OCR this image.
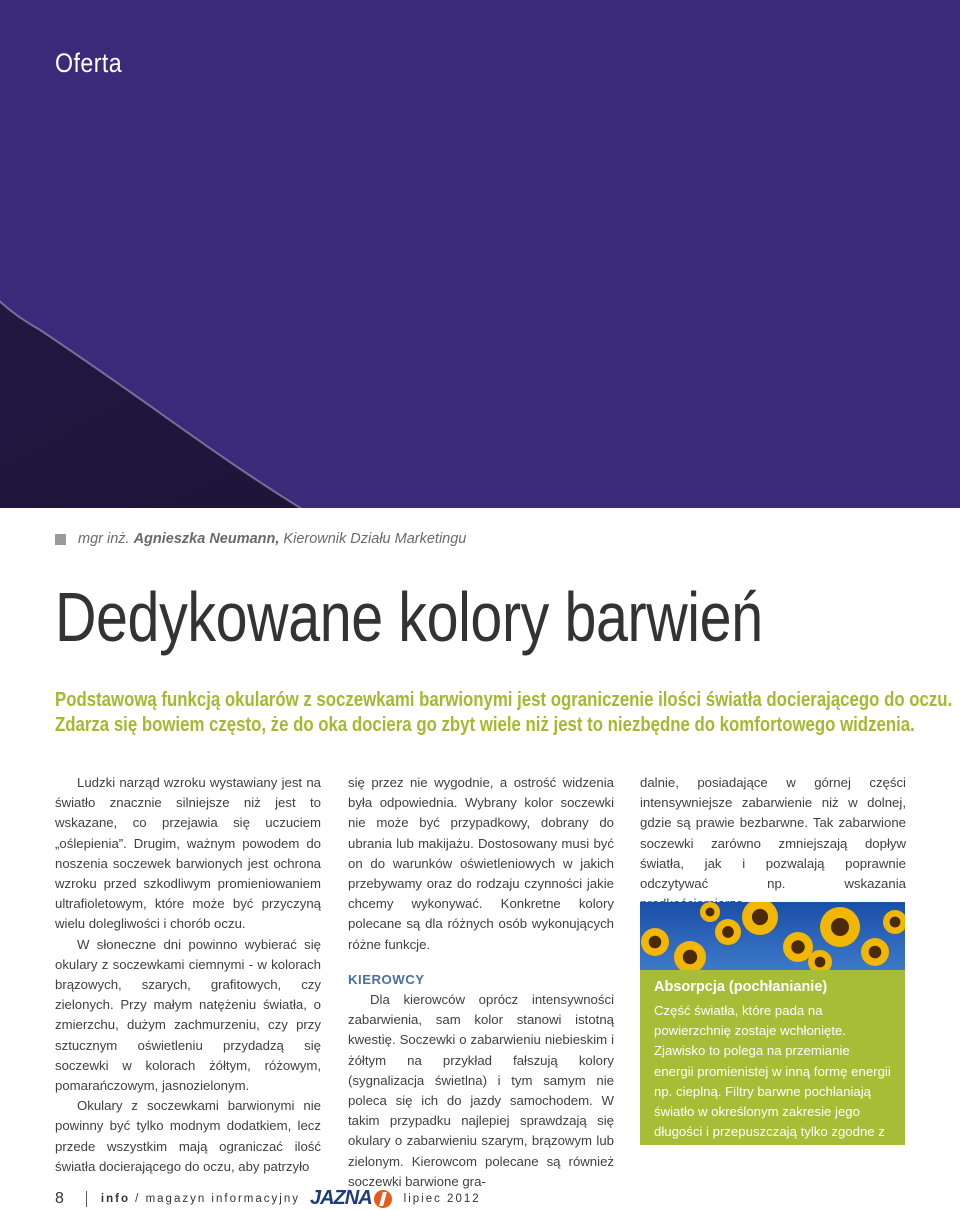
Oferta
mgr inż. Agnieszka Neumann, Kierownik Działu Marketingu
Dedykowane kolory barwień

Podstawową funkcją okularów z soczewkami barwionymi jest ograniczenie ilości światła docierającego do oczu.

Zdarza się bowiem często, że do oka dociera go zbyt wiele niż jest to niezbędne do komfortowego widzenia.

Ludzki narząd wzroku wystawiany jest na światło znacznie silniejsze niż jest to wskazane, co przejawia się uczuciem „oślepienia”. Drugim, ważnym powodem do noszenia soczewek barwionych jest ochrona wzroku przed szkodliwym promieniowaniem ultrafioletowym, które może być przyczyną wielu dolegliwości i chorób oczu.

W słoneczne dni powinno wybierać się okulary z soczewkami ciemnymi - w kolorach brązowych, szarych, grafitowych, czy zielonych. Przy małym natężeniu światła, o zmierzchu, dużym zachmurzeniu, czy przy sztucznym oświetleniu przydadzą się soczewki w kolorach żółtym, różowym, pomarańczowym, jasnozielonym.

Okulary z soczewkami barwionymi nie powinny być tylko modnym dodatkiem, lecz przede wszystkim mają ograniczać ilość światła docierającego do oczu, aby patrzyło

się przez nie wygodnie, a ostrość widzenia była odpowiednia. Wybrany kolor soczewki nie może być przypadkowy, dobrany do ubrania lub makijażu. Dostosowany musi być on do warunków oświetleniowych w jakich przebywamy oraz do rodzaju czynności jakie chcemy wykonywać. Konkretne kolory polecane są dla różnych osób wykonujących różne funkcje.

KIEROWCY

Dla kierowców oprócz intensywności zabarwienia, sam kolor stanowi istotną kwestię. Soczewki o zabarwieniu niebieskim i żółtym na przykład fałszują kolory (sygnalizacja świetlna) i tym samym nie poleca się ich do jazdy samochodem. W takim przypadku najlepiej sprawdzają się okulary o zabarwieniu szarym, brązowym lub zielonym. Kierowcom polecane są również soczewki barwione gra-

dalnie, posiadające w górnej części intensywniejsze zabarwienie niż w dolnej, gdzie są prawie bezbarwne. Tak zabarwione soczewki zarówno zmniejszają dopływ światła, jak i pozwalają poprawnie odczytywać np. wskazania

Absorpcja (pochłanianie)
Część światła, które pada na powierzchnię zostaje wchłonięte. Zjawisko to polega na przemianie energii promienistej w inną formę energii np. cieplną. Filtry barwne pochłaniają światło w określonym zakresie jego długości i przepuszczają tylko zgodne z jego kolorem
8	info / magazyn informacyjny JAZNA	lipiec 2012
